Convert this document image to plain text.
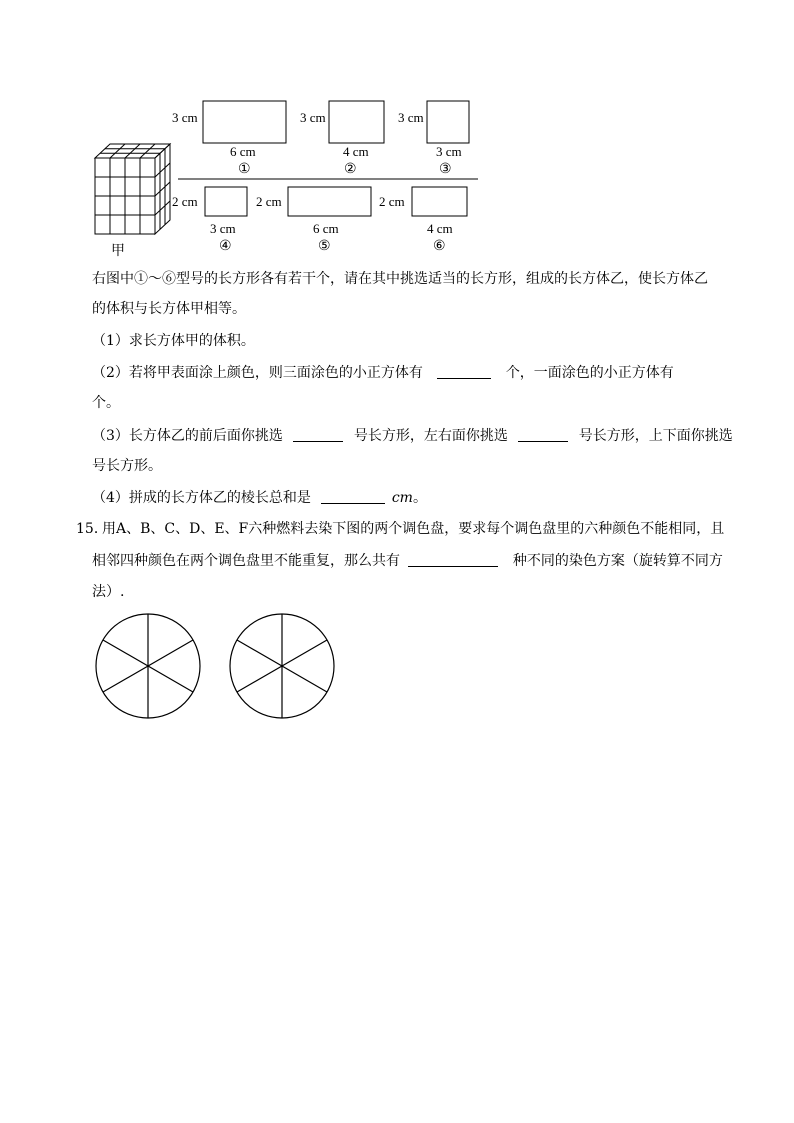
甲
3 cm	3 cm	3 cm
6 cm	4 cm	3 cm
①	②	③
2 cm	2 cm	2 cm
3 cm	6 cm	4 cm
④	⑤	⑥
右图中①～⑥型号的长方形各有若干个，请在其中挑选适当的长方形，组成的长方体乙，使长方体乙
的体积与长方体甲相等。
（1）求长方体甲的体积。
（2）若将甲表面涂上颜色，则三面涂色的小正方体有	个，一面涂色的小正方体有
个。
（3）长方体乙的前后面你挑选	号长方形，左右面你挑选	号长方形，上下面你挑选
号长方形。
（4）拼成的长方体乙的棱长总和是	cm。
15．
用A、B、C、D、E、F六种燃料去染下图的两个调色盘，要求每个调色盘里的六种颜色不能相同，且
相邻四种颜色在两个调色盘里不能重复，那么共有	种不同的染色方案（旋转算不同方
法）.
